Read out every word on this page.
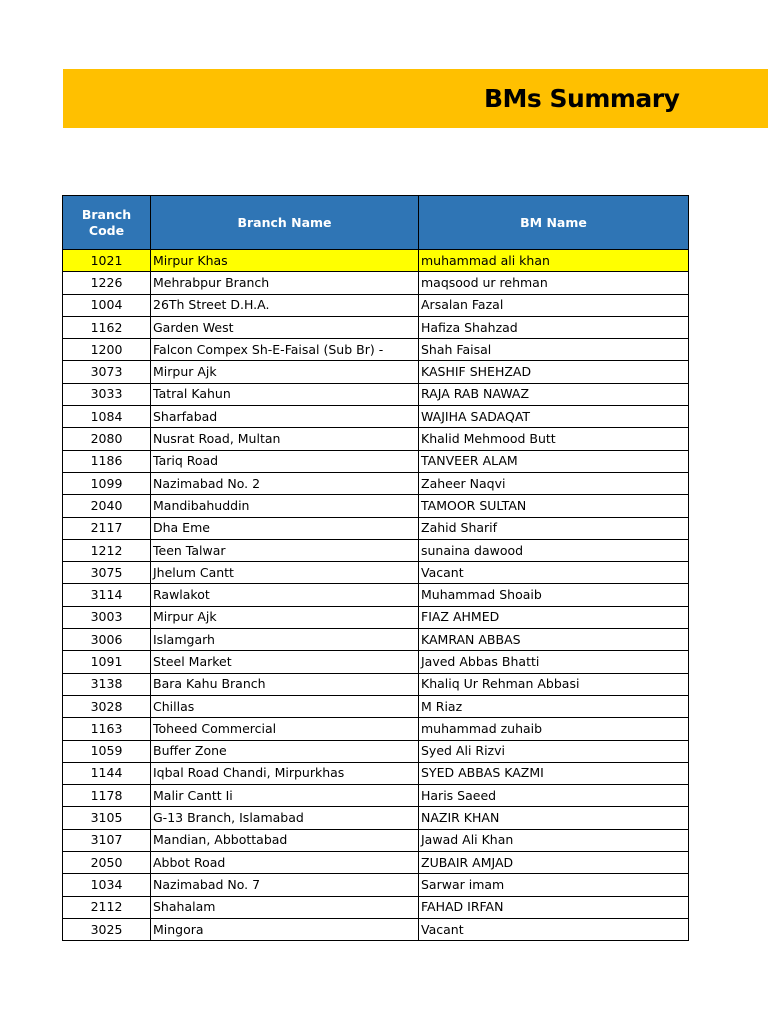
BMs Summary
Branch Code	Branch Name	BM Name
1021	Mirpur Khas	muhammad ali khan
1226	Mehrabpur Branch	maqsood ur rehman
1004	26Th Street D.H.A.	Arsalan Fazal
1162	Garden West	Hafiza Shahzad
1200	Falcon Compex Sh-E-Faisal (Sub Br) -	Shah Faisal
3073	Mirpur Ajk	KASHIF SHEHZAD
3033	Tatral Kahun	RAJA RAB NAWAZ
1084	Sharfabad	WAJIHA SADAQAT
2080	Nusrat Road, Multan	Khalid Mehmood Butt
1186	Tariq Road	TANVEER ALAM
1099	Nazimabad No. 2	Zaheer Naqvi
2040	Mandibahuddin	TAMOOR SULTAN
2117	Dha Eme	Zahid Sharif
1212	Teen Talwar	sunaina dawood
3075	Jhelum Cantt	Vacant
3114	Rawlakot	Muhammad Shoaib
3003	Mirpur Ajk	FIAZ AHMED
3006	Islamgarh	KAMRAN ABBAS
1091	Steel Market	Javed Abbas Bhatti
3138	Bara Kahu Branch	Khaliq Ur Rehman Abbasi
3028	Chillas	M Riaz
1163	Toheed Commercial	muhammad zuhaib
1059	Buffer Zone	Syed Ali Rizvi
1144	Iqbal Road Chandi, Mirpurkhas	SYED ABBAS KAZMI
1178	Malir Cantt Ii	Haris Saeed
3105	G-13 Branch, Islamabad	NAZIR KHAN
3107	Mandian, Abbottabad	Jawad Ali Khan
2050	Abbot Road	ZUBAIR AMJAD
1034	Nazimabad No. 7	Sarwar imam
2112	Shahalam	FAHAD IRFAN
3025	Mingora	Vacant
